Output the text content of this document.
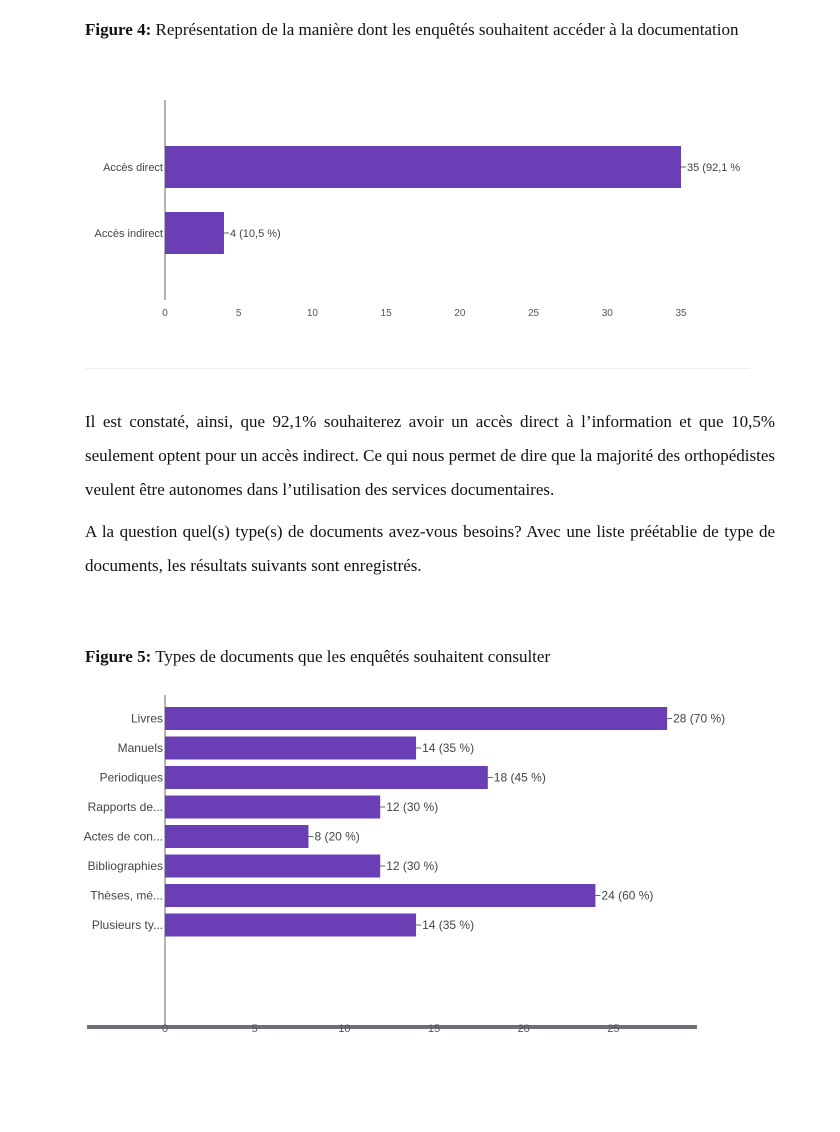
Figure 4: Représentation de la manière dont les enquêtés souhaitent accéder à la documentation
Accès direct	35 (92,1 %
Accès indirect	4 (10,5 %)
0	5	10	15	20	25	30	35

Il est constaté, ainsi, que 92,1% souhaiterez avoir un accès direct à l’information et que 10,5% seulement optent pour un accès indirect. Ce qui nous permet de dire que la majorité des orthopédistes veulent être autonomes dans l’utilisation des services documentaires.

A la question quel(s) type(s) de documents avez-vous besoins? Avec une liste préétablie de type de documents, les résultats suivants sont enregistrés.

Figure 5: Types de documents que les enquêtés souhaitent consulter
Livres	28 (70 %)
Manuels	14 (35 %)
Periodiques	18 (45 %)
Rapports de...	12 (30 %)
Actes de con...	8 (20 %)
Bibliographies	12 (30 %)
Thèses, mé...	24 (60 %)
Plusieurs ty...	14 (35 %)
0	5	10	15	20	25
